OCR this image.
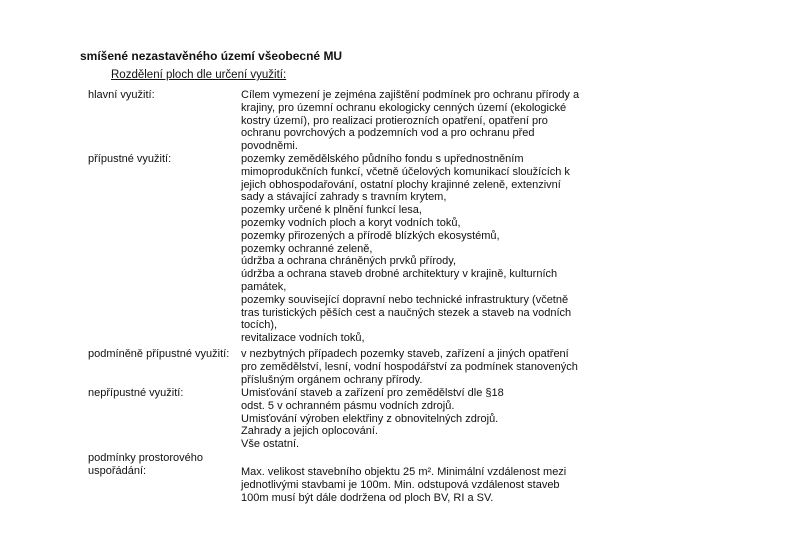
smíšené nezastavěného území všeobecné MU
Rozdělení ploch dle určení využití:
hlavní využití:	Cílem vymezení je zejména zajištění podmínek pro ochranu přírody a
krajiny, pro územní ochranu ekologicky cenných území (ekologické
kostry území), pro realizaci protierozních opatření, opatření pro
ochranu povrchových a podzemních vod a pro ochranu před
povodněmi.
přípustné využití:	pozemky zemědělského půdního fondu s upřednostněním
mimoprodukčních funkcí, včetně účelových komunikací sloužících k
jejich obhospodařování, ostatní plochy krajinné zeleně, extenzivní
sady a stávající zahrady s travním krytem,
pozemky určené k plnění funkcí lesa,
pozemky vodních ploch a koryt vodních toků,
pozemky přirozených a přírodě blízkých ekosystémů,
pozemky ochranné zeleně,
údržba a ochrana chráněných prvků přírody,
údržba a ochrana staveb drobné architektury v krajině, kulturních
památek,
pozemky související dopravní nebo technické infrastruktury (včetně
tras turistických pěších cest a naučných stezek a staveb na vodních
tocích),
revitalizace vodních toků,
podmíněně přípustné využití: v nezbytných případech pozemky staveb, zařízení a jiných opatření
pro zemědělství, lesní, vodní hospodářství za podmínek stanovených
příslušným orgánem ochrany přírody.
nepřípustné využití:	Umisťování staveb a zařízení pro zemědělství dle §18
odst. 5 v ochranném pásmu vodních zdrojů.
Umisťování výroben elektřiny z obnovitelných zdrojů.
Zahrady a jejich oplocování.
Vše ostatní.
podmínky prostorového
uspořádání:	Max. velikost stavebního objektu 25 m². Minimální vzdálenost mezi
jednotlivými stavbami je 100m. Min. odstupová vzdálenost staveb
100m musí být dále dodržena od ploch BV, RI a SV.
